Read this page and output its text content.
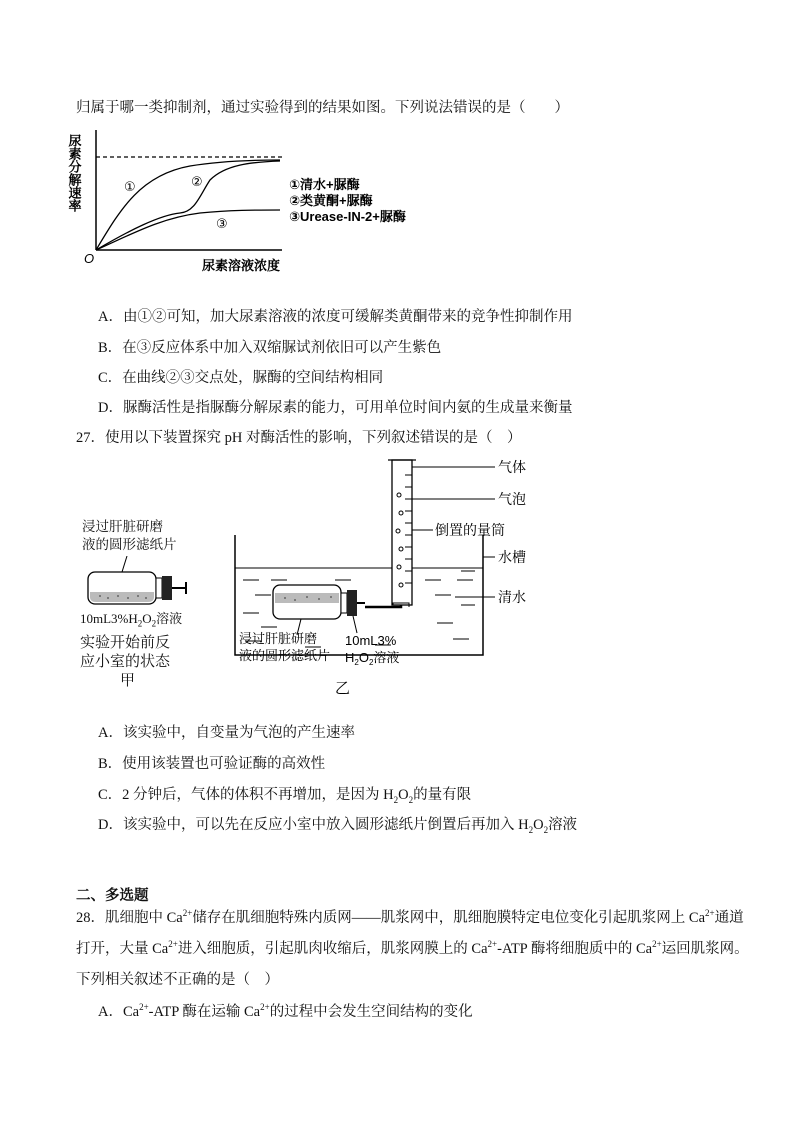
归属于哪一类抑制剂，通过实验得到的结果如图。下列说法错误的是（　　）
尿素分解速率
O	尿素溶液浓度
①	②
③
①清水+脲酶
②类黄酮+脲酶
③Urease-IN-2+脲酶
A．由①②可知，加大尿素溶液的浓度可缓解类黄酮带来的竞争性抑制作用
B．在③反应体系中加入双缩脲试剂依旧可以产生紫色
C．在曲线②③交点处，脲酶的空间结构相同
D．脲酶活性是指脲酶分解尿素的能力，可用单位时间内氨的生成量来衡量
27．使用以下装置探究 pH 对酶活性的影响，下列叙述错误的是（　）
浸过肝脏研磨
液的圆形滤纸片
$10mL3\%H_2O_2$溶液
实验开始前反
应小室的状态
甲
气体
气泡
倒置的量筒
水槽
清水
浸过肝脏研磨
液的圆形滤纸片
10mL3%
$H_2O_2$溶液
乙
A．该实验中，自变量为气泡的产生速率
B．使用该装置也可验证酶的高效性
C．2 分钟后，气体的体积不再增加，是因为 $H_2O_2$的量有限
D．该实验中，可以先在反应小室中放入圆形滤纸片倒置后再加入 $H_2O_2$溶液
二、多选题
28．肌细胞中 $Ca^{2+}$储存在肌细胞特殊内质网——肌浆网中，肌细胞膜特定电位变化引起肌浆网上 $Ca^{2+}$通道
打开，大量 $Ca^{2+}$进入细胞质，引起肌肉收缩后，肌浆网膜上的 $Ca^{2+}$-ATP 酶将细胞质中的 $Ca^{2+}$运回肌浆网。
下列相关叙述不正确的是（　）
A．$Ca^{2+}$-ATP 酶在运输 $Ca^{2+}$的过程中会发生空间结构的变化
